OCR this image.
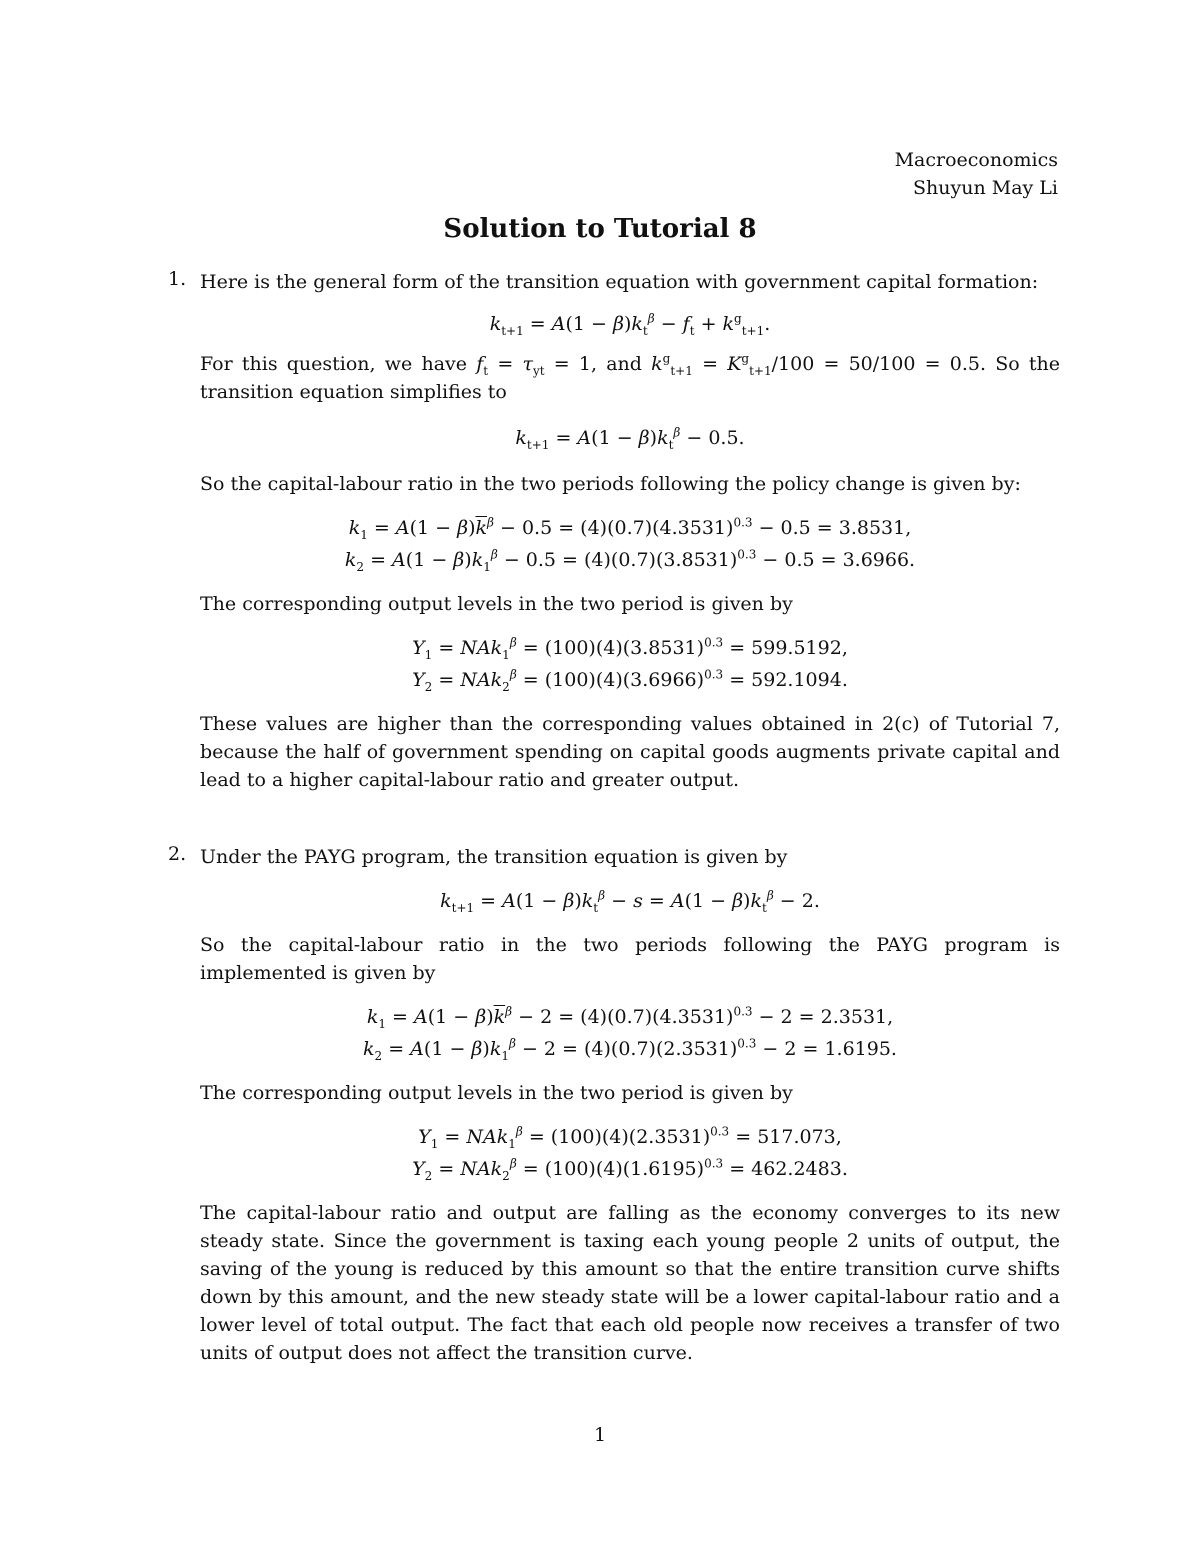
Macroeconomics
Shuyun May Li
Solution to Tutorial 8
1. Here is the general form of the transition equation with government capital formation:

$k_{t+1} = A(1 - \beta)k_t^\beta - f_t + k^g_{t+1}$.

For this question, we have $f_t = \tau_{yt} = 1$, and $k^g_{t+1} = K^g_{t+1}/100 = 50/100 = 0.5$. So the transition equation simplifies to

$k_{t+1} = A(1 - \beta)k_t^\beta - 0.5$.

So the capital-labour ratio in the two periods following the policy change is given by:

$k_1 = A(1 - \beta)\overline{k}^\beta - 0.5 = (4)(0.7)(4.3531)^{0.3} - 0.5 = 3.8531$,
$k_2 = A(1 - \beta)k_1^\beta - 0.5 = (4)(0.7)(3.8531)^{0.3} - 0.5 = 3.6966$.

The corresponding output levels in the two period is given by

$Y_1 = NAk_1^\beta = (100)(4)(3.8531)^{0.3} = 599.5192$,
$Y_2 = NAk_2^\beta = (100)(4)(3.6966)^{0.3} = 592.1094$.

These values are higher than the corresponding values obtained in 2(c) of Tutorial 7, because the half of government spending on capital goods augments private capital and lead to a higher capital-labour ratio and greater output.

2. Under the PAYG program, the transition equation is given by

$k_{t+1} = A(1 - \beta)k_t^\beta - s = A(1 - \beta)k_t^\beta - 2$.

So the capital-labour ratio in the two periods following the PAYG program is implemented is given by

$k_1 = A(1 - \beta)\overline{k}^\beta - 2 = (4)(0.7)(4.3531)^{0.3} - 2 = 2.3531$,
$k_2 = A(1 - \beta)k_1^\beta - 2 = (4)(0.7)(2.3531)^{0.3} - 2 = 1.6195$.

The corresponding output levels in the two period is given by

$Y_1 = NAk_1^\beta = (100)(4)(2.3531)^{0.3} = 517.073$,
$Y_2 = NAk_2^\beta = (100)(4)(1.6195)^{0.3} = 462.2483$.

The capital-labour ratio and output are falling as the economy converges to its new steady state. Since the government is taxing each young people 2 units of output, the saving of the young is reduced by this amount so that the entire transition curve shifts down by this amount, and the new steady state will be a lower capital-labour ratio and a lower level of total output. The fact that each old people now receives a transfer of two units of output does not affect the transition curve.

1
